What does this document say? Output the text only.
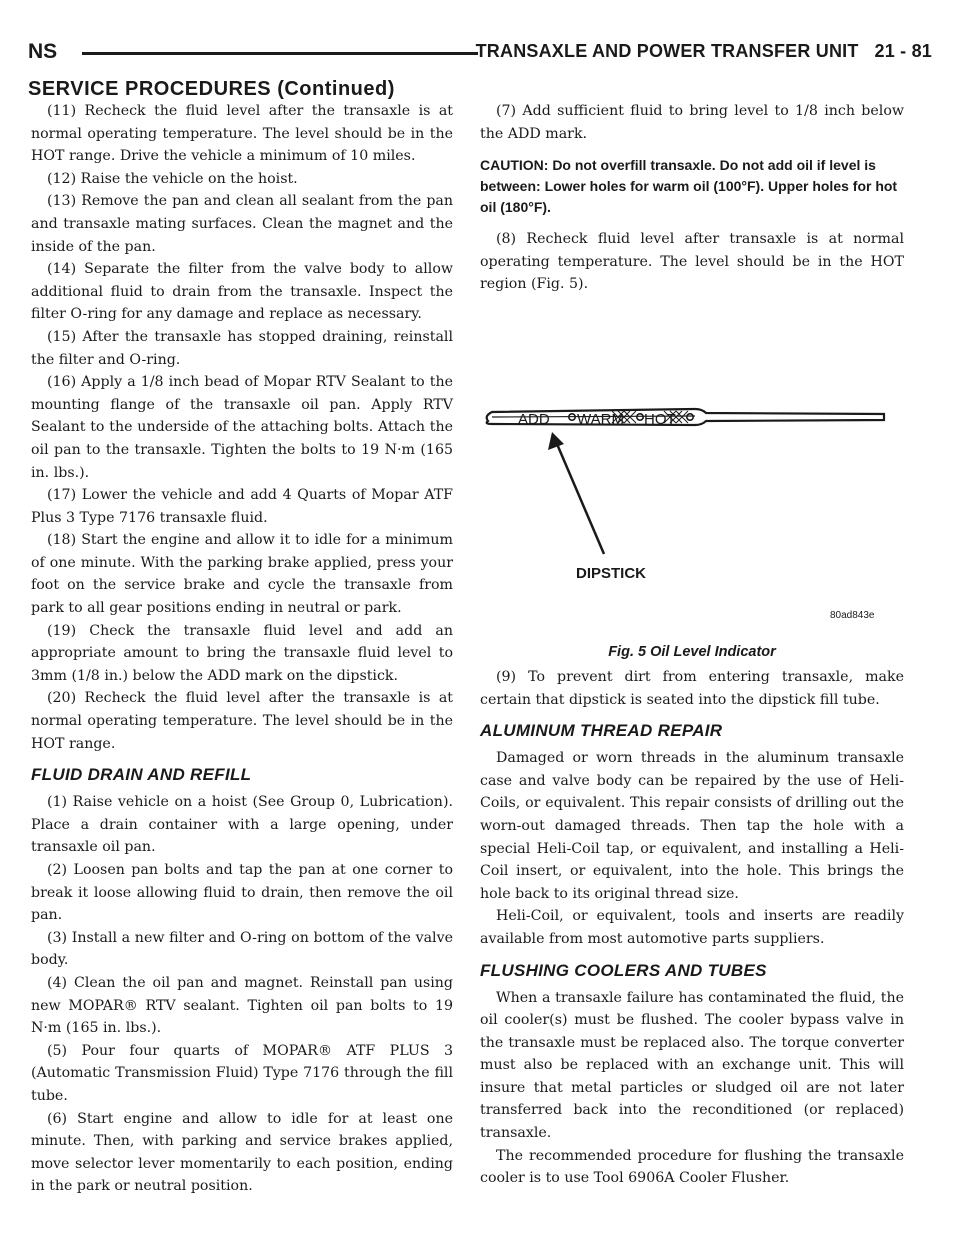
NS	TRANSAXLE AND POWER TRANSFER UNIT 21 - 81
SERVICE PROCEDURES (Continued)

(11) Recheck the fluid level after the transaxle is at normal operating temperature. The level should be in the HOT range. Drive the vehicle a minimum of 10 miles.

(12) Raise the vehicle on the hoist.

(13) Remove the pan and clean all sealant from the pan and transaxle mating surfaces. Clean the magnet and the inside of the pan.

(14) Separate the filter from the valve body to allow additional fluid to drain from the transaxle. Inspect the filter O-ring for any damage and replace as necessary.

(15) After the transaxle has stopped draining, reinstall the filter and O-ring.

(16) Apply a 1/8 inch bead of Mopar RTV Sealant to the mounting flange of the transaxle oil pan. Apply RTV Sealant to the underside of the attaching bolts. Attach the oil pan to the transaxle. Tighten the bolts to 19 N·m (165 in. lbs.).

(17) Lower the vehicle and add 4 Quarts of Mopar ATF Plus 3 Type 7176 transaxle fluid.

(18) Start the engine and allow it to idle for a minimum of one minute. With the parking brake applied, press your foot on the service brake and cycle the transaxle from park to all gear positions ending in neutral or park.

(19) Check the transaxle fluid level and add an appropriate amount to bring the transaxle fluid level to 3mm (1/8 in.) below the ADD mark on the dipstick.

(20) Recheck the fluid level after the transaxle is at normal operating temperature. The level should be in the HOT range.

FLUID DRAIN AND REFILL

(1) Raise vehicle on a hoist (See Group 0, Lubrication). Place a drain container with a large opening, under transaxle oil pan.

(2) Loosen pan bolts and tap the pan at one corner to break it loose allowing fluid to drain, then remove the oil pan.

(3) Install a new filter and O-ring on bottom of the valve body.

(4) Clean the oil pan and magnet. Reinstall pan using new MOPAR® RTV sealant. Tighten oil pan bolts to 19 N·m (165 in. lbs.).

(5) Pour four quarts of MOPAR® ATF PLUS 3 (Automatic Transmission Fluid) Type 7176 through the fill tube.

(6) Start engine and allow to idle for at least one minute. Then, with parking and service brakes applied, move selector lever momentarily to each position, ending in the park or neutral position.

(7) Add sufficient fluid to bring level to 1/8 inch below the ADD mark.

CAUTION: Do not overfill transaxle. Do not add oil if level is between: Lower holes for warm oil (100°F). Upper holes for hot oil (180°F).

(8) Recheck fluid level after transaxle is at normal operating temperature. The level should be in the HOT region (Fig. 5).

ADD WARM HOT
DIPSTICK
80ad843e
Fig. 5 Oil Level Indicator

(9) To prevent dirt from entering transaxle, make certain that dipstick is seated into the dipstick fill tube.

ALUMINUM THREAD REPAIR

Damaged or worn threads in the aluminum transaxle case and valve body can be repaired by the use of Heli-Coils, or equivalent. This repair consists of drilling out the worn-out damaged threads. Then tap the hole with a special Heli-Coil tap, or equivalent, and installing a Heli-Coil insert, or equivalent, into the hole. This brings the hole back to its original thread size.

Heli-Coil, or equivalent, tools and inserts are readily available from most automotive parts suppliers.

FLUSHING COOLERS AND TUBES

When a transaxle failure has contaminated the fluid, the oil cooler(s) must be flushed. The cooler bypass valve in the transaxle must be replaced also. The torque converter must also be replaced with an exchange unit. This will insure that metal particles or sludged oil are not later transferred back into the reconditioned (or replaced) transaxle.

The recommended procedure for flushing the transaxle cooler is to use Tool 6906A Cooler Flusher.
